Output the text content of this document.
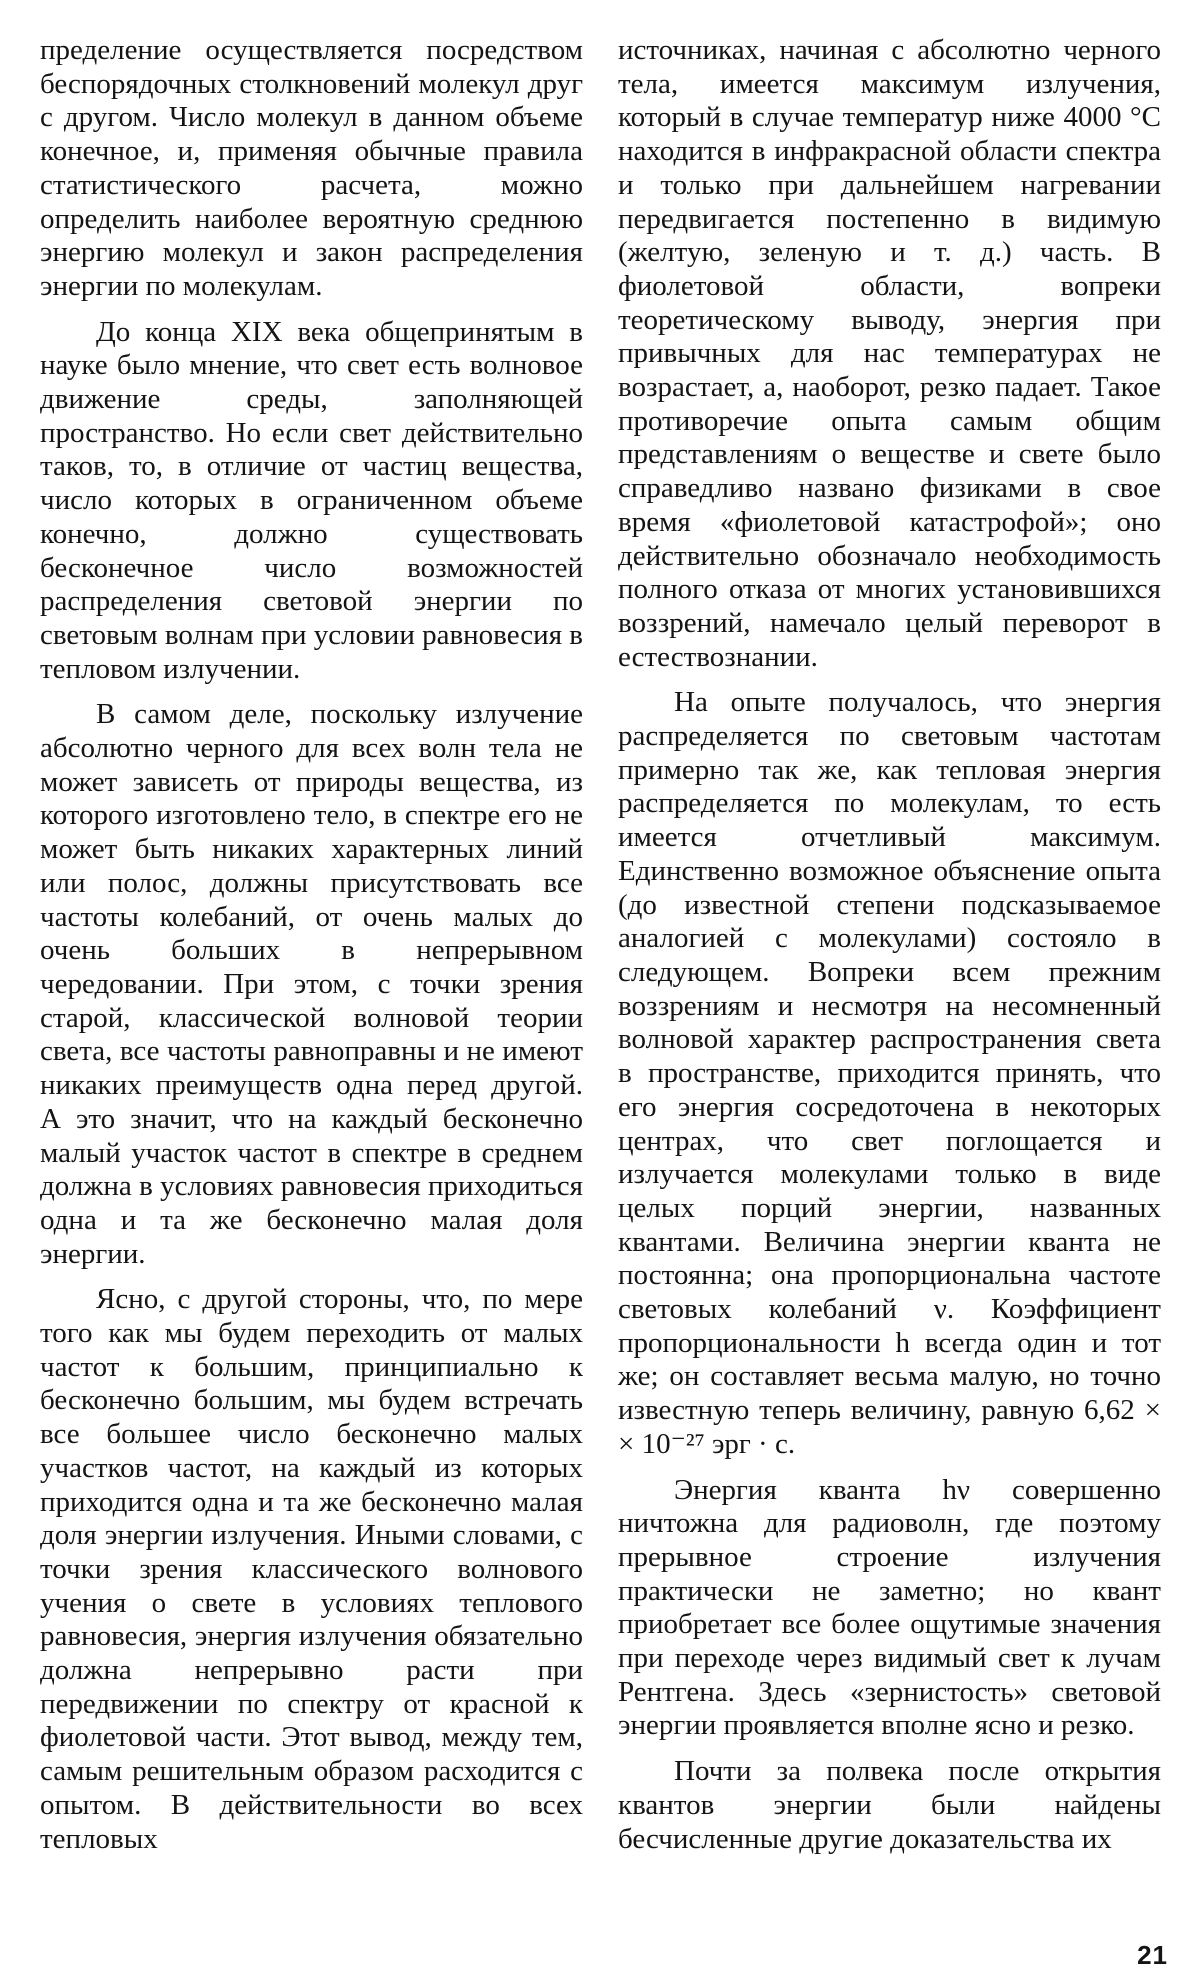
пределение осуществляется посредством беспорядочных столкновений молекул друг с другом. Число молекул в данном объеме конечное, и, применяя обычные правила статистического расчета, можно определить наиболее вероятную среднюю энергию молекул и закон распределения энергии по молекулам.

До конца XIX века общепринятым в науке было мнение, что свет есть волновое движение среды, заполняющей пространство. Но если свет действительно таков, то, в отличие от частиц вещества, число которых в ограниченном объеме конечно, должно существовать бесконечное число возможностей распределения световой энергии по световым волнам при условии равновесия в тепловом излучении.

В самом деле, поскольку излучение абсолютно черного для всех волн тела не может зависеть от природы вещества, из которого изготовлено тело, в спектре его не может быть никаких характерных линий или полос, должны присутствовать все частоты колебаний, от очень малых до очень больших в непрерывном чередовании. При этом, с точки зрения старой, классической волновой теории света, все частоты равноправны и не имеют никаких преимуществ одна перед другой. А это значит, что на каждый бесконечно малый участок частот в спектре в среднем должна в условиях равновесия приходиться одна и та же бесконечно малая доля энергии.

Ясно, с другой стороны, что, по мере того как мы будем переходить от малых частот к большим, принципиально к бесконечно большим, мы будем встречать все большее число бесконечно малых участков частот, на каждый из которых приходится одна и та же бесконечно малая доля энергии излучения. Иными словами, с точки зрения классического волнового учения о свете в условиях теплового равновесия, энергия излучения обязательно должна непрерывно расти при передвижении по спектру от красной к фиолетовой части. Этот вывод, между тем, самым решительным образом расходится с опытом. В действительности во всех тепловых

источниках, начиная с абсолютно черного тела, имеется максимум излучения, который в случае температур ниже 4000 °С находится в инфракрасной области спектра и только при дальнейшем нагревании передвигается постепенно в видимую (желтую, зеленую и т. д.) часть. В фиолетовой области, вопреки теоретическому выводу, энергия при привычных для нас температурах не возрастает, а, наоборот, резко падает. Такое противоречие опыта самым общим представлениям о веществе и свете было справедливо названо физиками в свое время «фиолетовой катастрофой»; оно действительно обозначало необходимость полного отказа от многих установившихся воззрений, намечало целый переворот в естествознании.

На опыте получалось, что энергия распределяется по световым частотам примерно так же, как тепловая энергия распределяется по молекулам, то есть имеется отчетливый максимум. Единственно возможное объяснение опыта (до известной степени подсказываемое аналогией с молекулами) состояло в следующем. Вопреки всем прежним воззрениям и несмотря на несомненный волновой характер распространения света в пространстве, приходится принять, что его энергия сосредоточена в некоторых центрах, что свет поглощается и излучается молекулами только в виде целых порций энергии, названных квантами. Величина энергии кванта не постоянна; она пропорциональна частоте световых колебаний ν. Коэффициент пропорциональности h всегда один и тот же; он составляет весьма малую, но точно известную теперь величину, равную 6,62 × × 10⁻²⁷ эрг · с.

Энергия кванта hν совершенно ничтожна для радиоволн, где поэтому прерывное строение излучения практически не заметно; но квант приобретает все более ощутимые значения при переходе через видимый свет к лучам Рентгена. Здесь «зернистость» световой энергии проявляется вполне ясно и резко.

Почти за полвека после открытия квантов энергии были найдены бесчисленные другие доказательства их

21
